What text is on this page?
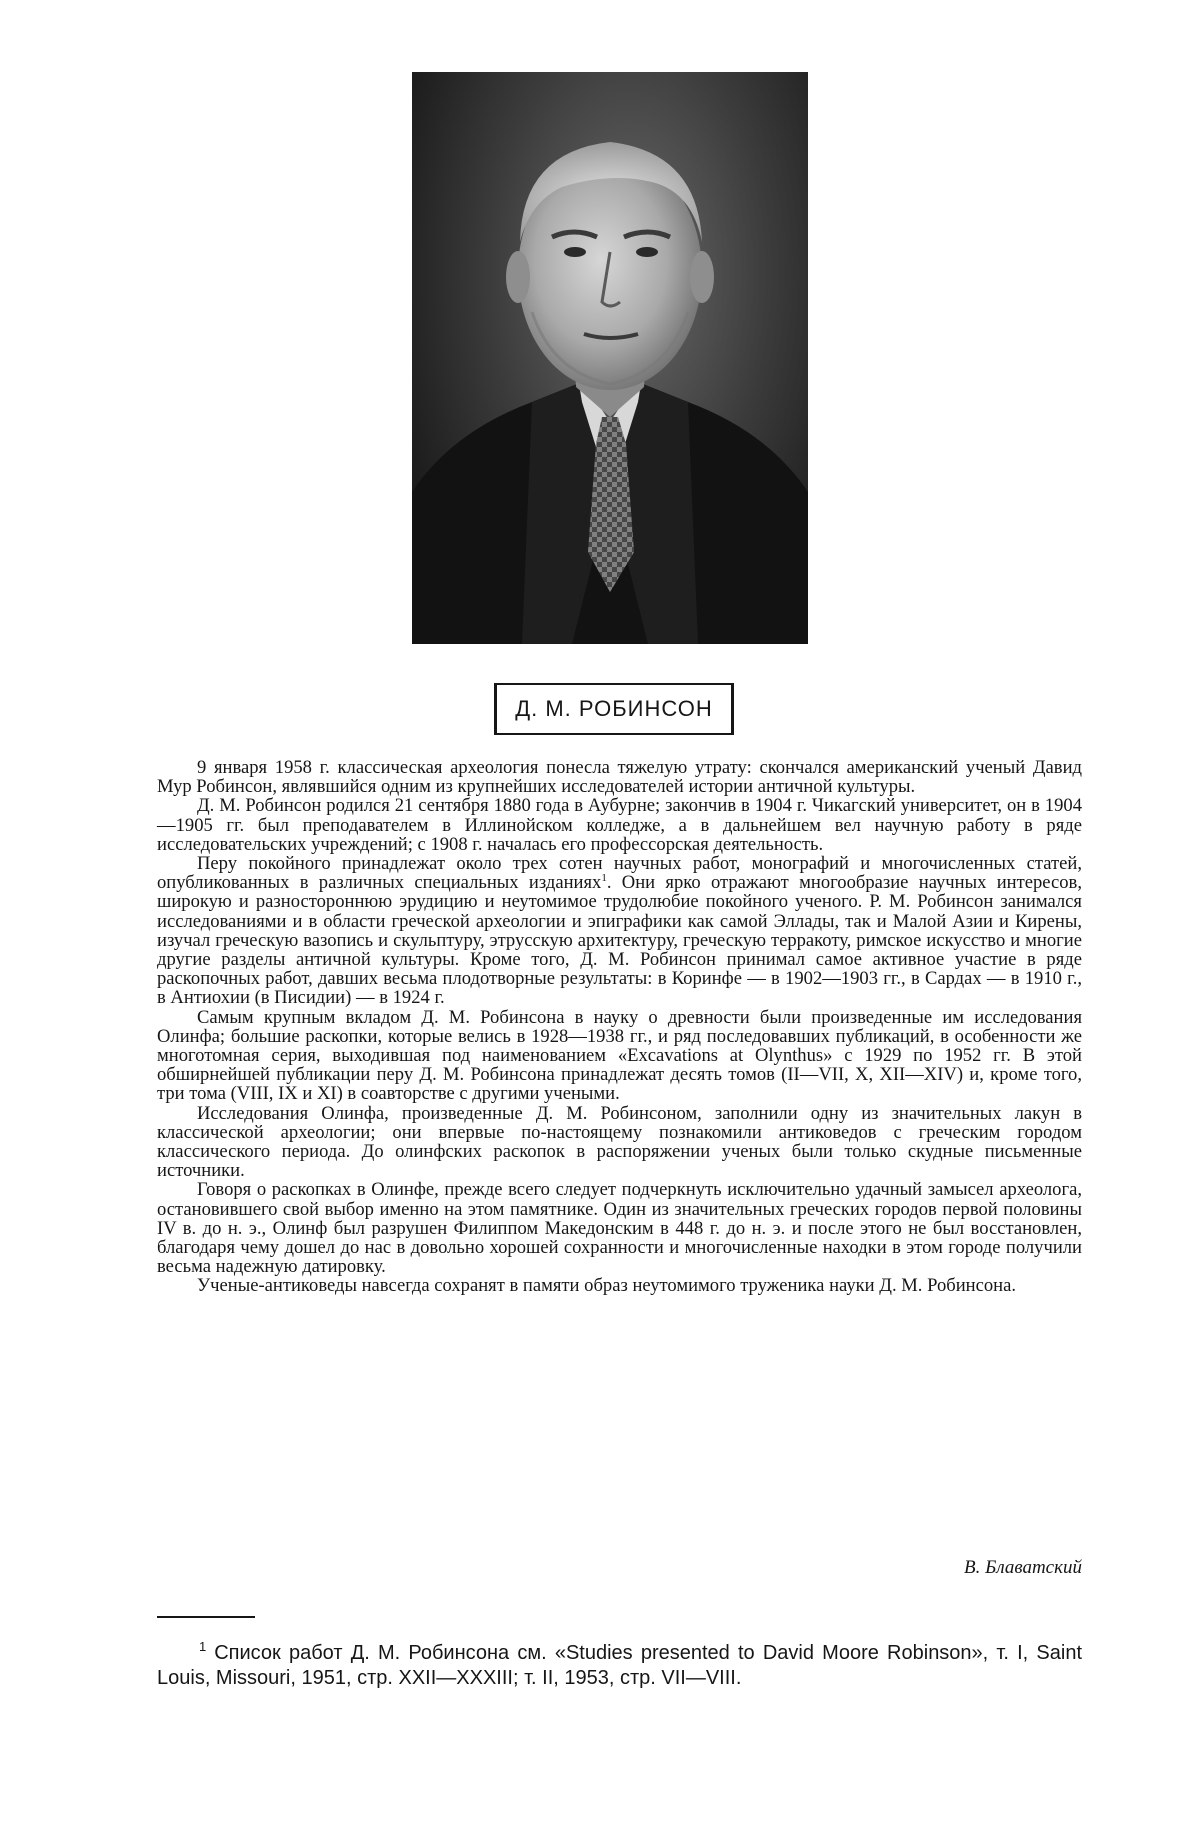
Д. М. РОБИНСОН

9 января 1958 г. классическая археология понесла тяжелую утрату: скончался американский ученый Давид Мур Робинсон, являвшийся одним из крупнейших исследователей истории античной культуры.

Д. М. Робинсон родился 21 сентября 1880 года в Аубурне; закончив в 1904 г. Чикагский университет, он в 1904—1905 гг. был преподавателем в Иллинойском колледже, а в дальнейшем вел научную работу в ряде исследовательских учреждений; с 1908 г. началась его профессорская деятельность.

Перу покойного принадлежат около трех сотен научных работ, монографий и многочисленных статей, опубликованных в различных специальных изданиях$^1$. Они ярко отражают многообразие научных интересов, широкую и разностороннюю эрудицию и неутомимое трудолюбие покойного ученого. Р. М. Робинсон занимался исследованиями и в области греческой археологии и эпиграфики как самой Эллады, так и Малой Азии и Кирены, изучал греческую вазопись и скульптуру, этрусскую архитектуру, греческую терракоту, римское искусство и многие другие разделы античной культуры. Кроме того, Д. М. Робинсон принимал самое активное участие в ряде раскопочных работ, давших весьма плодотворные результаты: в Коринфе — в 1902—1903 гг., в Сардах — в 1910 г., в Антиохии (в Писидии) — в 1924 г.

Самым крупным вкладом Д. М. Робинсона в науку о древности были произведенные им исследования Олинфа; большие раскопки, которые велись в 1928—1938 гг., и ряд последовавших публикаций, в особенности же многотомная серия, выходившая под наименованием «Excavations at Olynthus» с 1929 по 1952 гг. В этой обширнейшей публикации перу Д. М. Робинсона принадлежат десять томов (II—VII, X, XII—XIV) и, кроме того, три тома (VIII, IX и XI) в соавторстве с другими учеными.

Исследования Олинфа, произведенные Д. М. Робинсоном, заполнили одну из значительных лакун в классической археологии; они впервые по-настоящему познакомили антиковедов с греческим городом классического периода. До олинфских раскопок в распоряжении ученых были только скудные письменные источники.

Говоря о раскопках в Олинфе, прежде всего следует подчеркнуть исключительно удачный замысел археолога, остановившего свой выбор именно на этом памятнике. Один из значительных греческих городов первой половины IV в. до н. э., Олинф был разрушен Филиппом Македонским в 448 г. до н. э. и после этого не был восстановлен, благодаря чему дошел до нас в довольно хорошей сохранности и многочисленные находки в этом городе получили весьма надежную датировку.

Ученые-антиковеды навсегда сохранят в памяти образ неутомимого труженика науки Д. М. Робинсона.

В. Блаватский
$^1$ Список работ Д. М. Робинсона см. «Studies presented to David Moore Robinson», т. I, Saint Louis, Missouri, 1951, стр. XXII—XXXIII; т. II, 1953, стр. VII—VIII.
